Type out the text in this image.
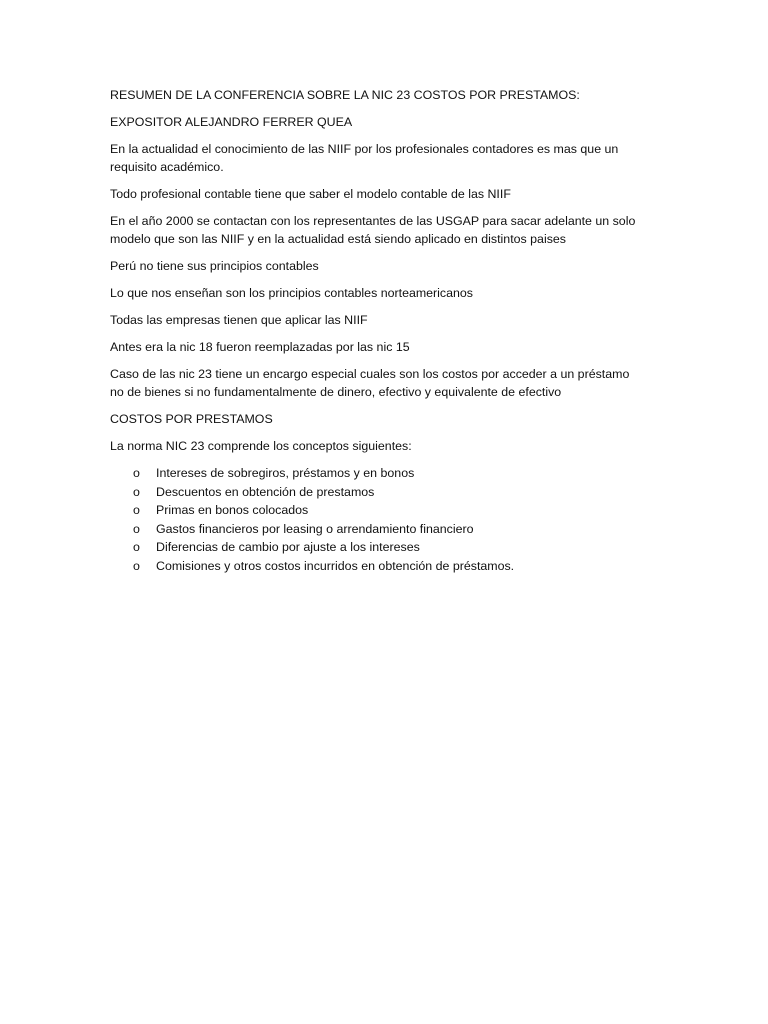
RESUMEN DE LA CONFERENCIA SOBRE LA NIC 23 COSTOS POR PRESTAMOS:

EXPOSITOR ALEJANDRO FERRER QUEA

En la actualidad el conocimiento de las NIIF por los profesionales contadores es mas que un
requisito académico.

Todo profesional contable tiene que saber el modelo contable de las NIIF

En el año 2000 se contactan con los representantes de las USGAP para sacar adelante un solo
modelo que son las NIIF y en la actualidad está siendo aplicado en distintos paises

Perú no tiene sus principios contables

Lo que nos enseñan son los principios contables norteamericanos

Todas las empresas tienen que aplicar las NIIF

Antes era la nic 18 fueron reemplazadas por las nic 15

Caso de las nic 23 tiene un encargo especial cuales son los costos por acceder a un préstamo
no de bienes si no fundamentalmente de dinero, efectivo y equivalente de efectivo

COSTOS POR PRESTAMOS

La norma NIC 23 comprende los conceptos siguientes:

o Intereses de sobregiros, préstamos y en bonos
o Descuentos en obtención de prestamos
o Primas en bonos colocados
o Gastos financieros por leasing o arrendamiento financiero
o Diferencias de cambio por ajuste a los intereses
o Comisiones y otros costos incurridos en obtención de préstamos.
